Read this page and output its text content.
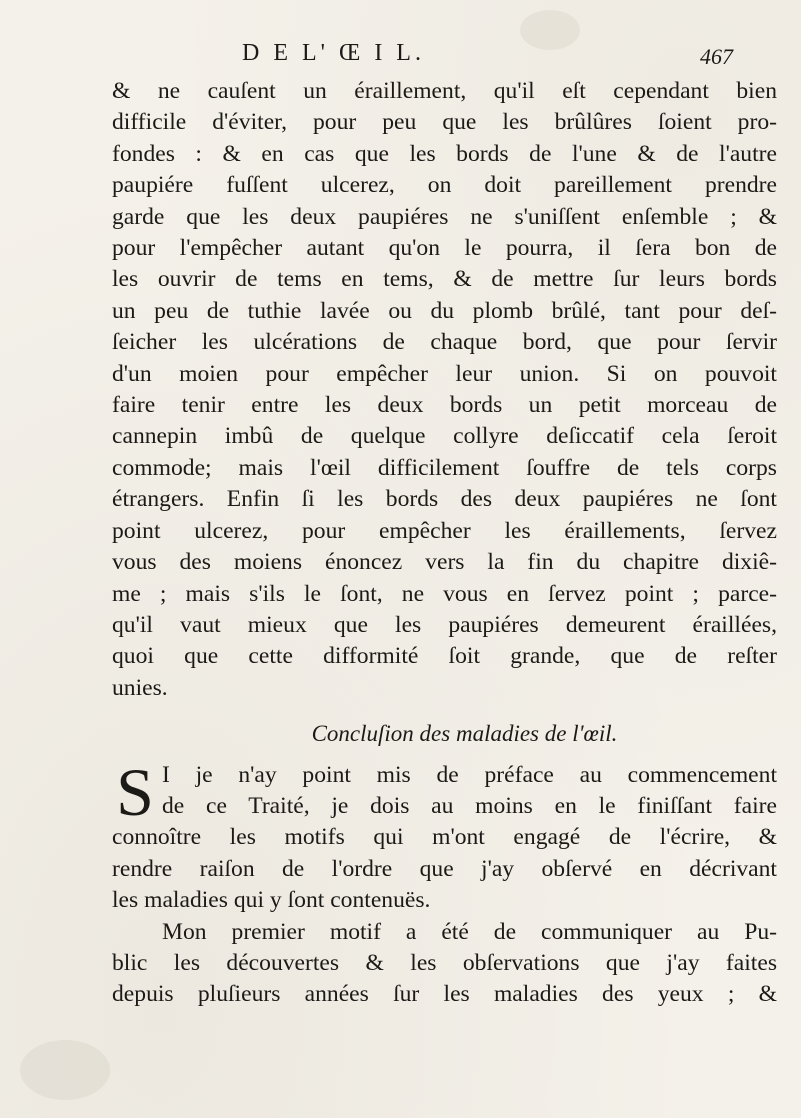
D E L' Œ I L.	467
& ne cauſent un éraillement, qu'il eſt cependant bien
difficile d'éviter, pour peu que les brûlûres ſoient pro-
fondes : & en cas que les bords de l'une & de l'autre
paupiére fuſſent ulcerez, on doit pareillement prendre
garde que les deux paupiéres ne s'uniſſent enſemble ; &
pour l'empêcher autant qu'on le pourra, il ſera bon de
les ouvrir de tems en tems, & de mettre ſur leurs bords
un peu de tuthie lavée ou du plomb brûlé, tant pour deſ-
ſeicher les ulcérations de chaque bord, que pour ſervir
d'un moien pour empêcher leur union. Si on pouvoit
faire tenir entre les deux bords un petit morceau de
cannepin imbû de quelque collyre deſiccatif cela ſeroit
commode; mais l'œil difficilement ſouffre de tels corps
étrangers. Enfin ſi les bords des deux paupiéres ne ſont
point ulcerez, pour empêcher les éraillements, ſervez
vous des moiens énoncez vers la fin du chapitre dixiê-
me ; mais s'ils le ſont, ne vous en ſervez point ; parce-
qu'il vaut mieux que les paupiéres demeurent éraillées,
quoi que cette difformité ſoit grande, que de reſter
unies.
Concluſion des maladies de l'œil.
S I je n'ay point mis de préface au commencement
de ce Traité, je dois au moins en le finiſſant faire
connoître les motifs qui m'ont engagé de l'écrire, &
rendre raiſon de l'ordre que j'ay obſervé en décrivant
les maladies qui y ſont contenuës.
Mon premier motif a été de communiquer au Pu-
blic les découvertes & les obſervations que j'ay faites
depuis pluſieurs années ſur les maladies des yeux ; &
